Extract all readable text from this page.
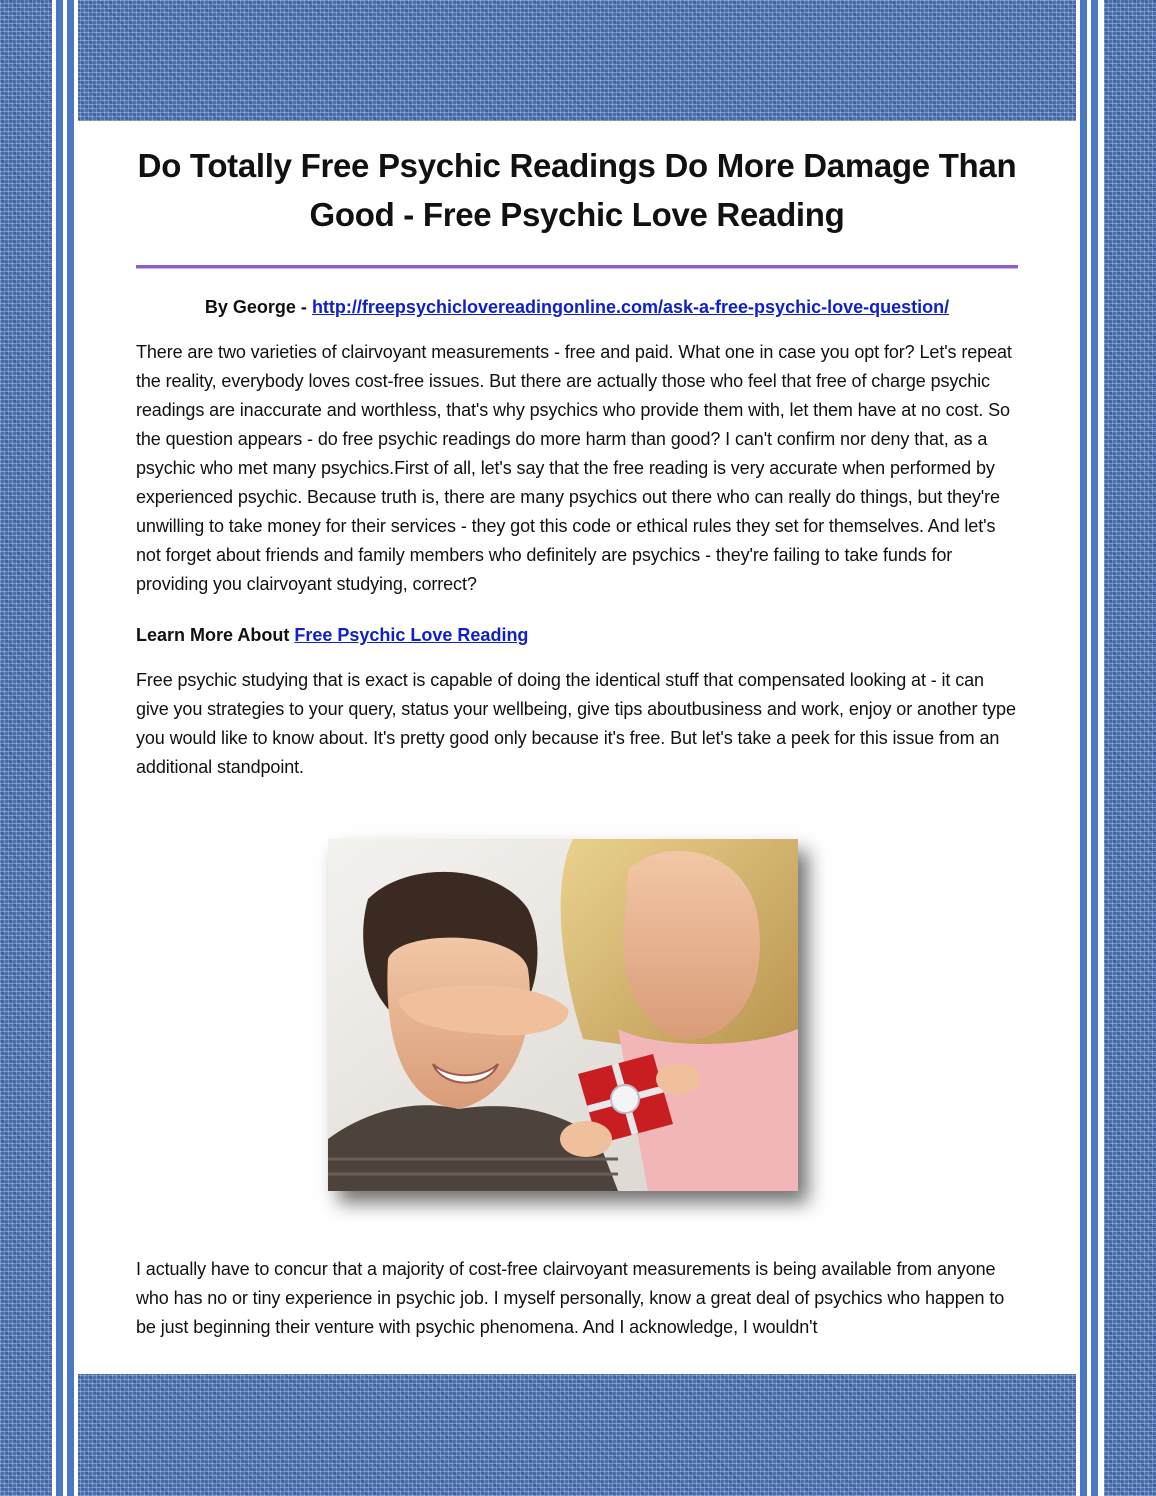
Do Totally Free Psychic Readings Do More Damage Than Good - Free Psychic Love Reading
By George - http://freepsychiclovereadingonline.com/ask-a-free-psychic-love-question/

There are two varieties of clairvoyant measurements - free and paid. What one in case you opt for? Let's repeat the reality, everybody loves cost-free issues. But there are actually those who feel that free of charge psychic readings are inaccurate and worthless, that's why psychics who provide them with, let them have at no cost. So the question appears - do free psychic readings do more harm than good? I can't confirm nor deny that, as a psychic who met many psychics.First of all, let's say that the free reading is very accurate when performed by experienced psychic. Because truth is, there are many psychics out there who can really do things, but they're unwilling to take money for their services - they got this code or ethical rules they set for themselves. And let's not forget about friends and family members who definitely are psychics - they're failing to take funds for providing you clairvoyant studying, correct?

Learn More About Free Psychic Love Reading

Free psychic studying that is exact is capable of doing the identical stuff that compensated looking at - it can give you strategies to your query, status your wellbeing, give tips aboutbusiness and work, enjoy or another type you would like to know about. It's pretty good only because it's free. But let's take a peek for this issue from an additional standpoint.

I actually have to concur that a majority of cost-free clairvoyant measurements is being available from anyone who has no or tiny experience in psychic job. I myself personally, know a great deal of psychics who happen to be just beginning their venture with psychic phenomena. And I acknowledge, I wouldn't
